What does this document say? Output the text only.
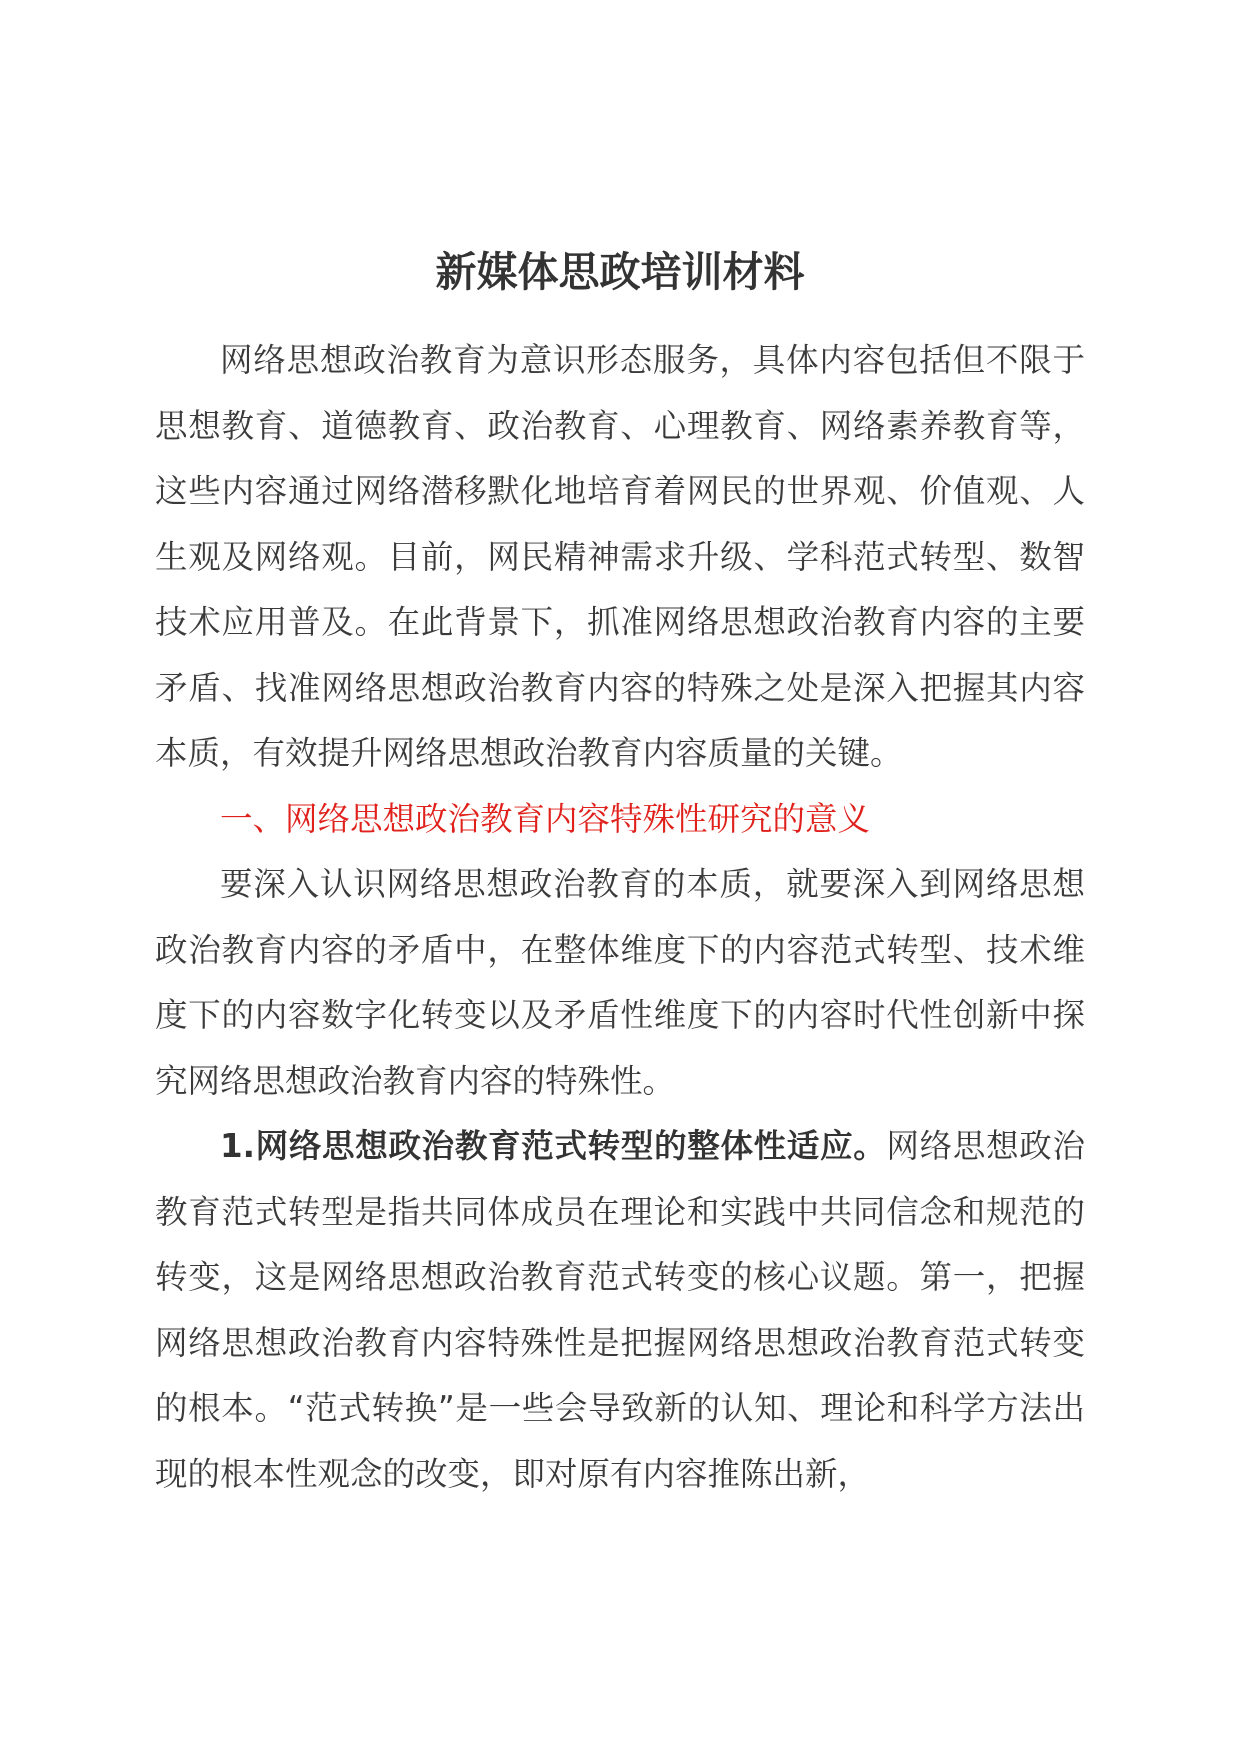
新媒体思政培训材料

网络思想政治教育为意识形态服务，具体内容包括但不限于思想教育、道德教育、政治教育、心理教育、网络素养教育等，这些内容通过网络潜移默化地培育着网民的世界观、价值观、人生观及网络观。目前，网民精神需求升级、学科范式转型、数智技术应用普及。在此背景下，抓准网络思想政治教育内容的主要矛盾、找准网络思想政治教育内容的特殊之处是深入把握其内容本质，有效提升网络思想政治教育内容质量的关键。

一、网络思想政治教育内容特殊性研究的意义

要深入认识网络思想政治教育的本质，就要深入到网络思想政治教育内容的矛盾中，在整体维度下的内容范式转型、技术维度下的内容数字化转变以及矛盾性维度下的内容时代性创新中探究网络思想政治教育内容的特殊性。

1.网络思想政治教育范式转型的整体性适应。网络思想政治教育范式转型是指共同体成员在理论和实践中共同信念和规范的转变，这是网络思想政治教育范式转变的核心议题。第一，把握网络思想政治教育内容特殊性是把握网络思想政治教育范式转变的根本。“范式转换”是一些会导致新的认知、理论和科学方法出现的根本性观念的改变，即对原有内容推陈出新，
